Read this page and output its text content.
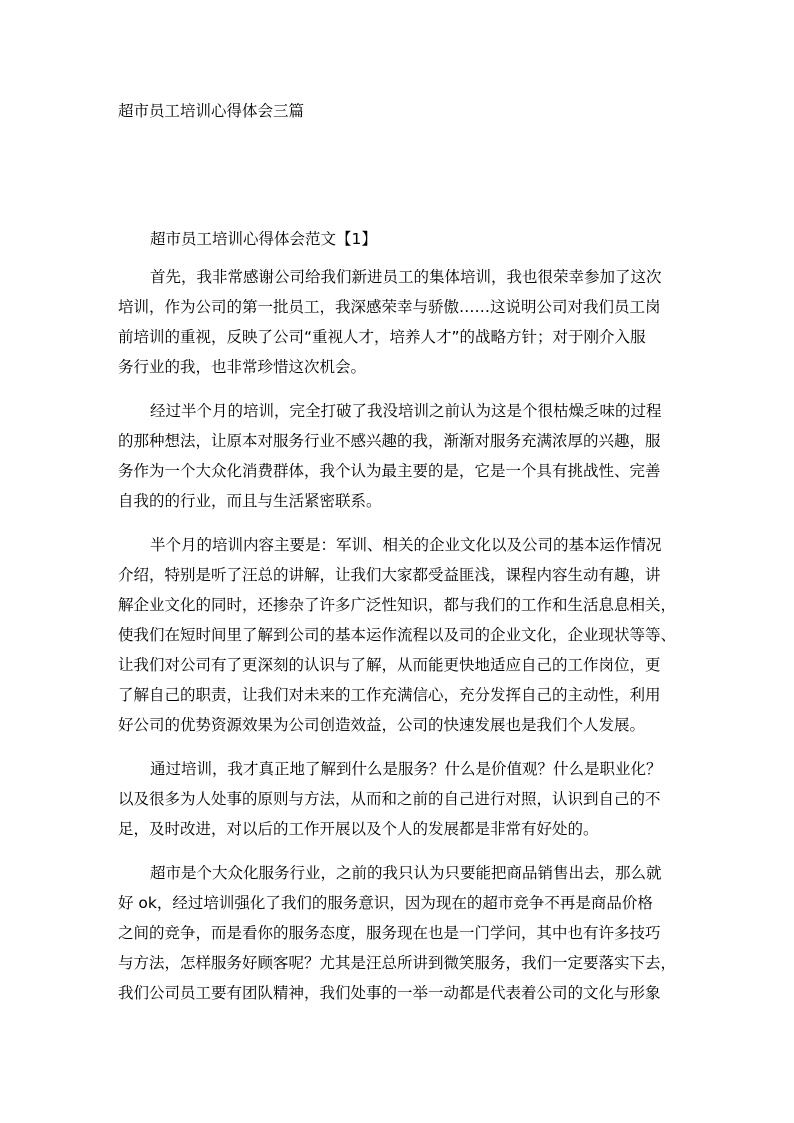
超市员工培训心得体会三篇
超市员工培训心得体会范文【1】

首先，我非常感谢公司给我们新进员工的集体培训，我也很荣幸参加了这次
培训，作为公司的第一批员工，我深感荣幸与骄傲……这说明公司对我们员工岗
前培训的重视，反映了公司“重视人才，培养人才”的战略方针；对于刚介入服
务行业的我，也非常珍惜这次机会。

经过半个月的培训，完全打破了我没培训之前认为这是个很枯燥乏味的过程
的那种想法，让原本对服务行业不感兴趣的我，渐渐对服务充满浓厚的兴趣，服
务作为一个大众化消费群体，我个认为最主要的是，它是一个具有挑战性、完善
自我的的行业，而且与生活紧密联系。

半个月的培训内容主要是：军训、相关的企业文化以及公司的基本运作情况
介绍，特别是听了汪总的讲解，让我们大家都受益匪浅，课程内容生动有趣，讲
解企业文化的同时，还掺杂了许多广泛性知识，都与我们的工作和生活息息相关，
使我们在短时间里了解到公司的基本运作流程以及司的企业文化，企业现状等等、
让我们对公司有了更深刻的认识与了解，从而能更快地适应自己的工作岗位，更
了解自己的职责，让我们对未来的工作充满信心，充分发挥自己的主动性，利用
好公司的优势资源效果为公司创造效益，公司的快速发展也是我们个人发展。

通过培训，我才真正地了解到什么是服务？什么是价值观？什么是职业化？
以及很多为人处事的原则与方法，从而和之前的自己进行对照，认识到自己的不
足，及时改进，对以后的工作开展以及个人的发展都是非常有好处的。

超市是个大众化服务行业，之前的我只认为只要能把商品销售出去，那么就
好 ok，经过培训强化了我们的服务意识，因为现在的超市竞争不再是商品价格
之间的竞争，而是看你的服务态度，服务现在也是一门学问，其中也有许多技巧
与方法，怎样服务好顾客呢？尤其是汪总所讲到微笑服务，我们一定要落实下去，
我们公司员工要有团队精神，我们处事的一举一动都是代表着公司的文化与形象
